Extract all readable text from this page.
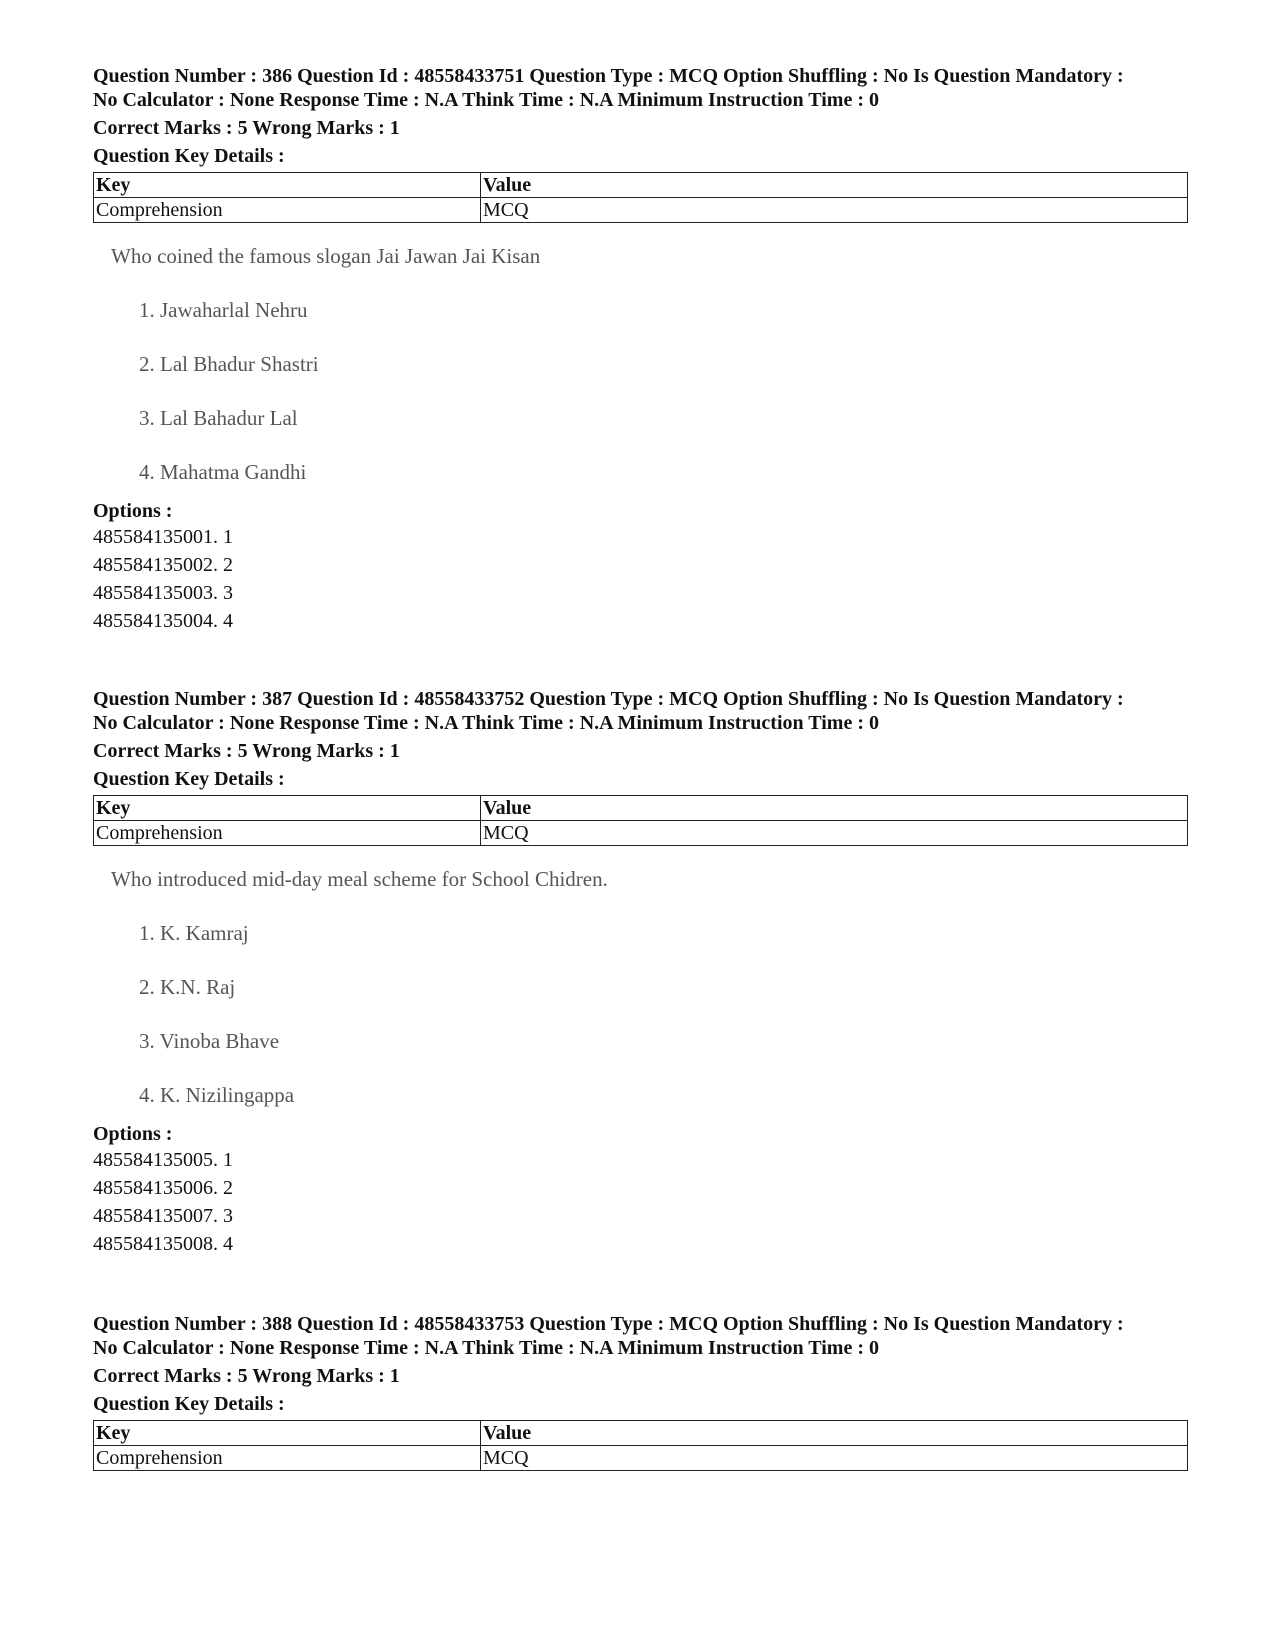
Question Number : 386 Question Id : 48558433751 Question Type : MCQ Option Shuffling : No Is Question Mandatory :

No Calculator : None Response Time : N.A Think Time : N.A Minimum Instruction Time : 0

Correct Marks : 5 Wrong Marks : 1
Question Key Details :
Key	Value
Comprehension	MCQ

Who coined the famous slogan Jai Jawan Jai Kisan

1. Jawaharlal Nehru
2. Lal Bhadur Shastri
3. Lal Bahadur Lal
4. Mahatma Gandhi
Options :
485584135001. 1
485584135002. 2
485584135003. 3
485584135004. 4

Question Number : 387 Question Id : 48558433752 Question Type : MCQ Option Shuffling : No Is Question Mandatory :

No Calculator : None Response Time : N.A Think Time : N.A Minimum Instruction Time : 0

Correct Marks : 5 Wrong Marks : 1
Question Key Details :
Key	Value
Comprehension	MCQ

Who introduced mid-day meal scheme for School Chidren.

1. K. Kamraj
2. K.N. Raj
3. Vinoba Bhave
4. K. Nizilingappa
Options :
485584135005. 1
485584135006. 2
485584135007. 3
485584135008. 4

Question Number : 388 Question Id : 48558433753 Question Type : MCQ Option Shuffling : No Is Question Mandatory :

No Calculator : None Response Time : N.A Think Time : N.A Minimum Instruction Time : 0

Correct Marks : 5 Wrong Marks : 1
Question Key Details :
Key	Value
Comprehension	MCQ
